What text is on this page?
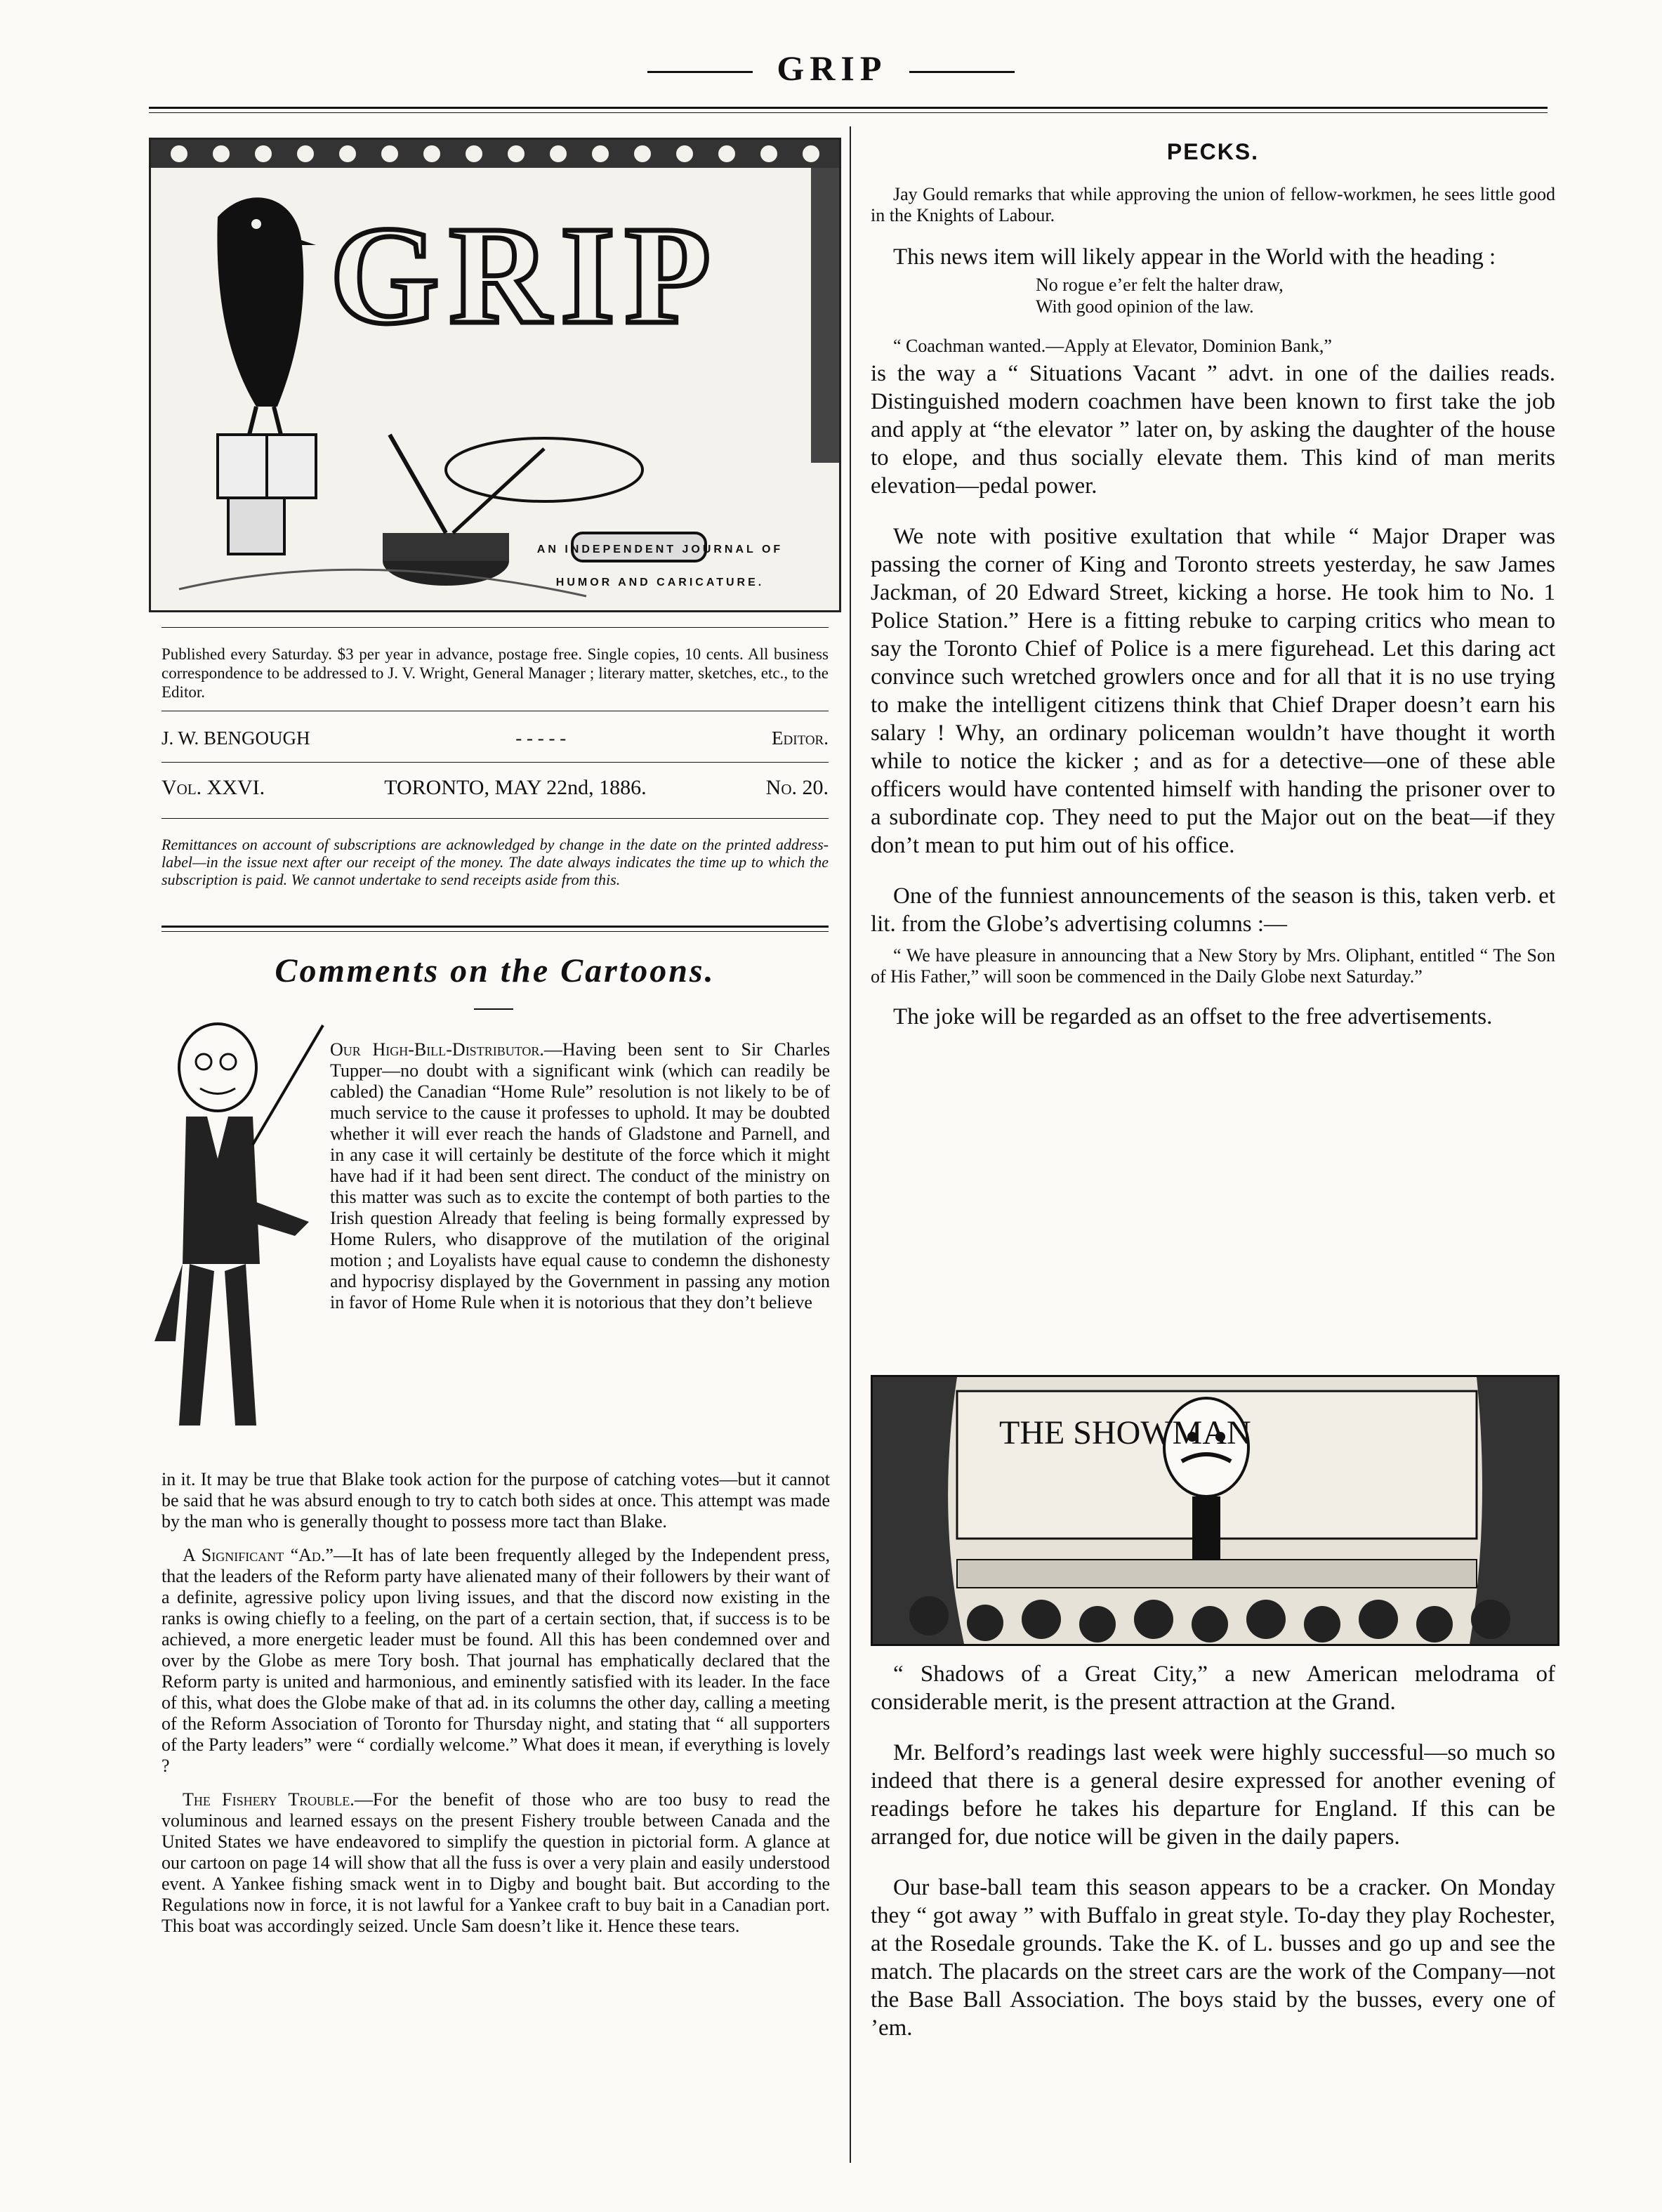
GRIP
GRIP
AN INDEPENDENT JOURNAL OF
HUMOR AND CARICATURE.
Published every Saturday. $3 per year in advance, postage free. Single copies, 10 cents. All business correspondence to be addressed to J. V. Wright, General Manager ; literary matter, sketches, etc., to the Editor.
J. W. BENGOUGH	- - - - -	Editor.
Vol. XXVI.	TORONTO, MAY 22nd, 1886.	No. 20.
Remittances on account of subscriptions are acknowledged by change in the date on the printed address-label—in the issue next after our receipt of the money. The date always indicates the time up to which the subscription is paid. We cannot undertake to send receipts aside from this.
Comments on the Cartoons.
Our High-Bill-Distributor.—Having been sent to Sir Charles Tupper—no doubt with a significant wink (which can readily be cabled) the Canadian “Home Rule” resolution is not likely to be of much service to the cause it professes to uphold. It may be doubted whether it will ever reach the hands of Gladstone and Parnell, and in any case it will certainly be destitute of the force which it might have had if it had been sent direct. The conduct of the ministry on this matter was such as to excite the contempt of both parties to the Irish question Already that feeling is being formally expressed by Home Rulers, who disapprove of the mutilation of the original motion ; and Loyalists have equal cause to condemn the dishonesty and hypocrisy displayed by the Government in passing any motion in favor of Home Rule when it is notorious that they don’t believe

in it. It may be true that Blake took action for the purpose of catching votes—but it cannot be said that he was absurd enough to try to catch both sides at once. This attempt was made by the man who is generally thought to possess more tact than Blake.

A Significant “Ad.”—It has of late been frequently alleged by the Independent press, that the leaders of the Reform party have alienated many of their followers by their want of a definite, agressive policy upon living issues, and that the discord now existing in the ranks is owing chiefly to a feeling, on the part of a certain section, that, if success is to be achieved, a more energetic leader must be found. All this has been condemned over and over by the Globe as mere Tory bosh. That journal has emphatically declared that the Reform party is united and harmonious, and eminently satisfied with its leader. In the face of this, what does the Globe make of that ad. in its columns the other day, calling a meeting of the Reform Association of Toronto for Thursday night, and stating that “ all supporters of the Party leaders” were “ cordially welcome.” What does it mean, if everything is lovely ?

The Fishery Trouble.—For the benefit of those who are too busy to read the voluminous and learned essays on the present Fishery trouble between Canada and the United States we have endeavored to simplify the question in pictorial form. A glance at our cartoon on page 14 will show that all the fuss is over a very plain and easily understood event. A Yankee fishing smack went in to Digby and bought bait. But according to the Regulations now in force, it is not lawful for a Yankee craft to buy bait in a Canadian port. This boat was accordingly seized. Uncle Sam doesn’t like it. Hence these tears.

PECKS.

Jay Gould remarks that while approving the union of fellow-workmen, he sees little good in the Knights of Labour.

This news item will likely appear in the World with the heading :

No rogue e’er felt the halter draw,
With good opinion of the law.

“ Coachman wanted.—Apply at Elevator, Dominion Bank,”

is the way a “ Situations Vacant ” advt. in one of the dailies reads. Distinguished modern coachmen have been known to first take the job and apply at “the elevator ” later on, by asking the daughter of the house to elope, and thus socially elevate them. This kind of man merits elevation—pedal power.

We note with positive exultation that while “ Major Draper was passing the corner of King and Toronto streets yesterday, he saw James Jackman, of 20 Edward Street, kicking a horse. He took him to No. 1 Police Station.” Here is a fitting rebuke to carping critics who mean to say the Toronto Chief of Police is a mere figurehead. Let this daring act convince such wretched growlers once and for all that it is no use trying to make the intelligent citizens think that Chief Draper doesn’t earn his salary ! Why, an ordinary policeman wouldn’t have thought it worth while to notice the kicker ; and as for a detective—one of these able officers would have contented himself with handing the prisoner over to a subordinate cop. They need to put the Major out on the beat—if they don’t mean to put him out of his office.

One of the funniest announcements of the season is this, taken verb. et lit. from the Globe’s advertising columns :—

“ We have pleasure in announcing that a New Story by Mrs. Oliphant, entitled “ The Son of His Father,” will soon be commenced in the Daily Globe next Saturday.”

The joke will be regarded as an offset to the free advertisements.

THE SHOWMAN

“ Shadows of a Great City,” a new American melodrama of considerable merit, is the present attraction at the Grand.

Mr. Belford’s readings last week were highly successful—so much so indeed that there is a general desire expressed for another evening of readings before he takes his departure for England. If this can be arranged for, due notice will be given in the daily papers.

Our base-ball team this season appears to be a cracker. On Monday they “ got away ” with Buffalo in great style. To-day they play Rochester, at the Rosedale grounds. Take the K. of L. busses and go up and see the match. The placards on the street cars are the work of the Company—not the Base Ball Association. The boys staid by the busses, every one of ’em.
